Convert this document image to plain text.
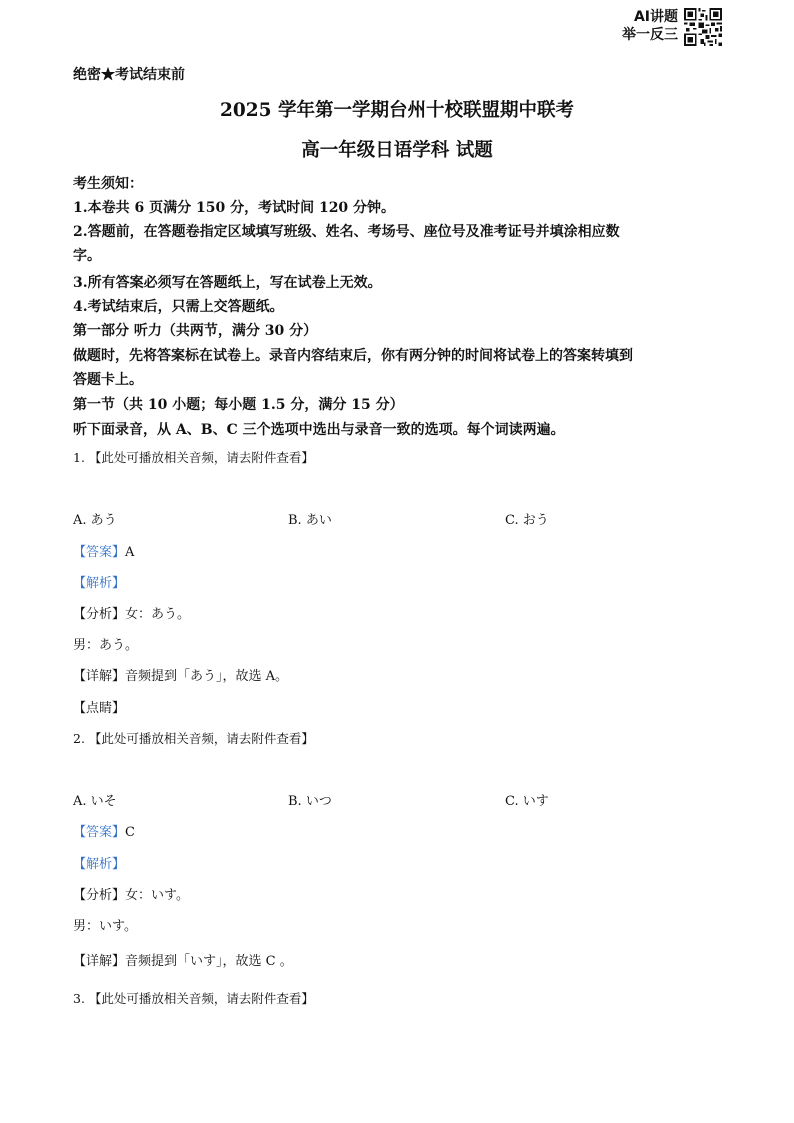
AI讲题
举一反三
绝密★考试结束前
2025 学年第一学期台州十校联盟期中联考
高一年级日语学科 试题
考生须知：
1.本卷共 6 页满分 150 分，考试时间 120 分钟。
2.答题前，在答题卷指定区域填写班级、姓名、考场号、座位号及准考证号并填涂相应数
字。
3.所有答案必须写在答题纸上，写在试卷上无效。
4.考试结束后，只需上交答题纸。
第一部分 听力（共两节，满分 30 分）
做题时，先将答案标在试卷上。录音内容结束后，你有两分钟的时间将试卷上的答案转填到
答题卡上。
第一节（共 10 小题；每小题 1.5 分，满分 15 分）
听下面录音，从 A、B、C 三个选项中选出与录音一致的选项。每个词读两遍。
1. 【此处可播放相关音频，请去附件查看】
A. あう	B. あい	C. おう
【答案】A
【解析】
【分析】女：あう。
男：あう。
【详解】音频提到「あう」，故选 A。
【点睛】
2. 【此处可播放相关音频，请去附件查看】
A. いそ	B. いつ	C. いす
【答案】C
【解析】
【分析】女：いす。
男：いす。
【详解】音频提到「いす」，故选 C 。
3. 【此处可播放相关音频，请去附件查看】
